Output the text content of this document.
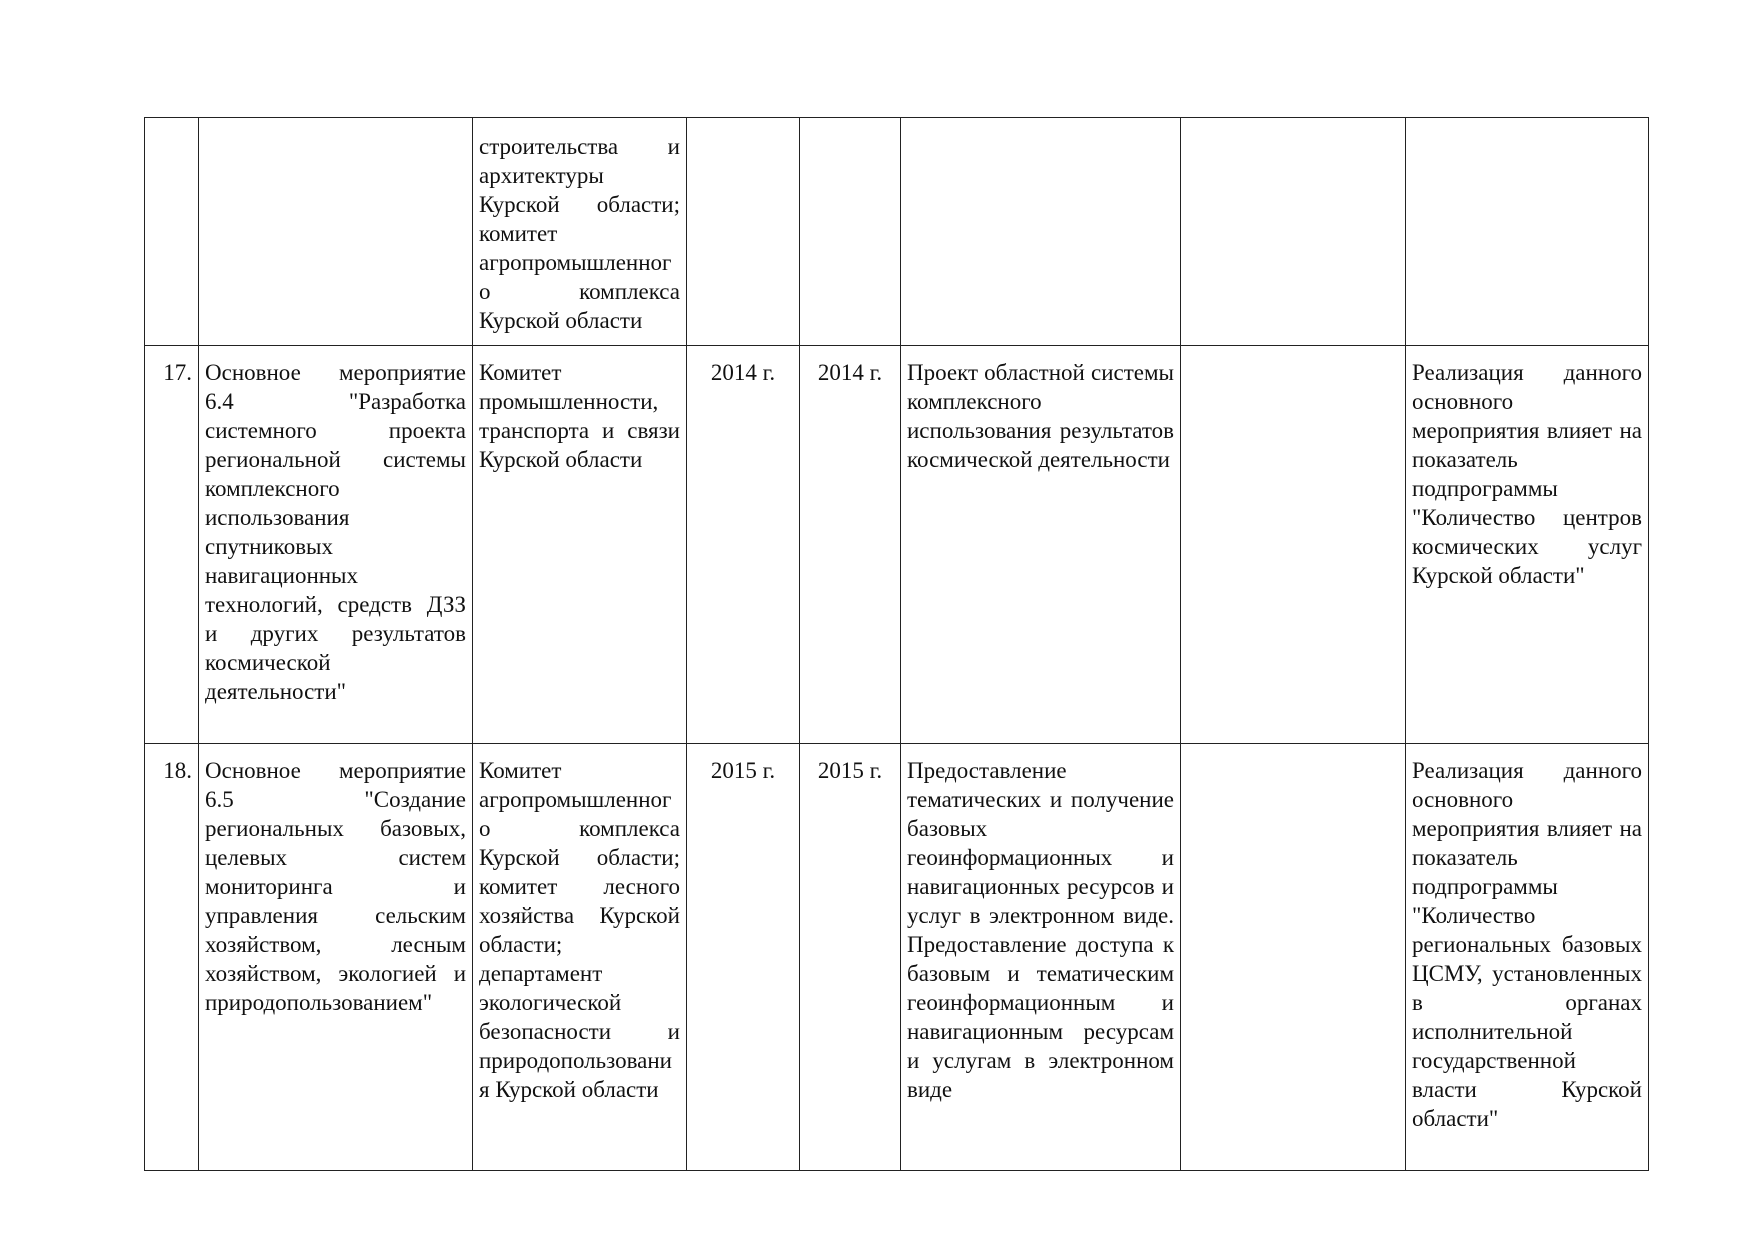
		строительства и архитектуры Курской области; комитет агропромышленного комплекса Курской области					
17.	Основное мероприятие 6.4 "Разработка системного проекта региональной системы комплексного использования спутниковых навигационных технологий, средств ДЗЗ и других результатов космической деятельности"	Комитет промышленности, транспорта и связи Курской области	2014 г.	2014 г.	Проект областной системы комплексного использования результатов космической деятельности		Реализация данного основного мероприятия влияет на показатель подпрограммы "Количество центров космических услуг Курской области"
18.	Основное мероприятие 6.5 "Создание региональных базовых, целевых систем мониторинга и управления сельским хозяйством, лесным хозяйством, экологией и природопользованием"	Комитет агропромышленного комплекса Курской области; комитет лесного хозяйства Курской области; департамент экологической безопасности и природопользования Курской области	2015 г.	2015 г.	Предоставление тематических и получение базовых геоинформационных и навигационных ресурсов и услуг в электронном виде. Предоставление доступа к базовым и тематическим геоинформационным и навигационным ресурсам и услугам в электронном виде		Реализация данного основного мероприятия влияет на показатель подпрограммы "Количество региональных базовых ЦСМУ, установленных в органах исполнительной государственной власти Курской области"
